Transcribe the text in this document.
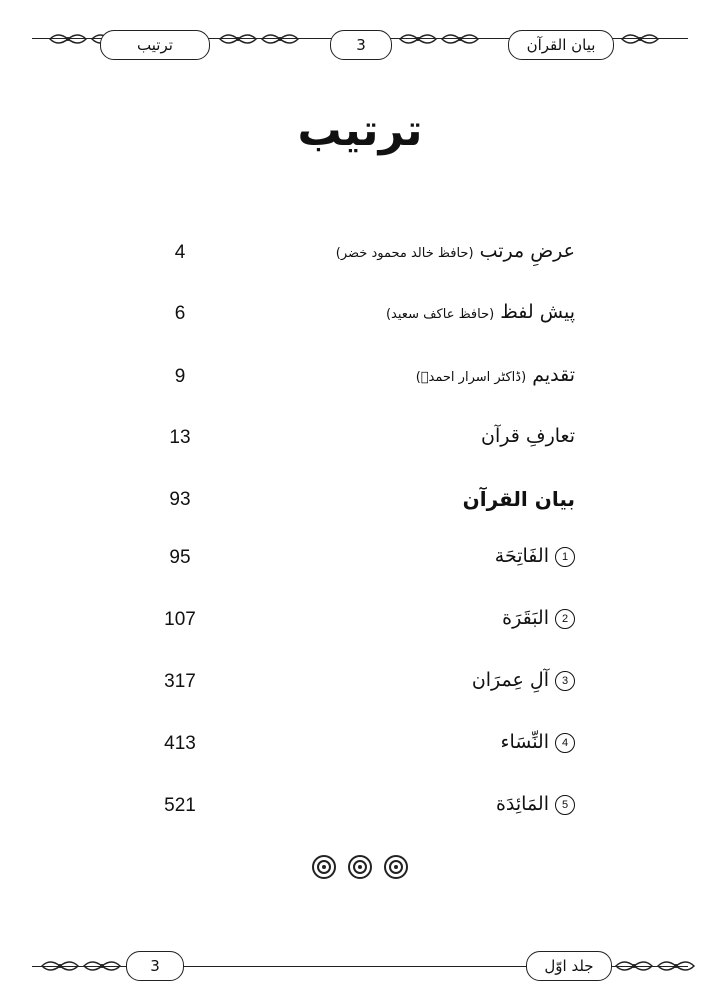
ترتیب	3	بیان القرآن
ترتیب
4	عرضِ مرتب (حافظ خالد محمود خضر)
6	پیش لفظ (حافظ عاکف سعید)
9	تقدیم (ڈاکٹر اسرار احمدؒ)
13	تعارفِ قرآن
93	بیان القرآن
95	1الفَاتِحَة
107	2البَقَرَة
317	3آلِ عِمرَان
413	4النِّسَاء
521	5المَائِدَة
3	جلد اوّل
